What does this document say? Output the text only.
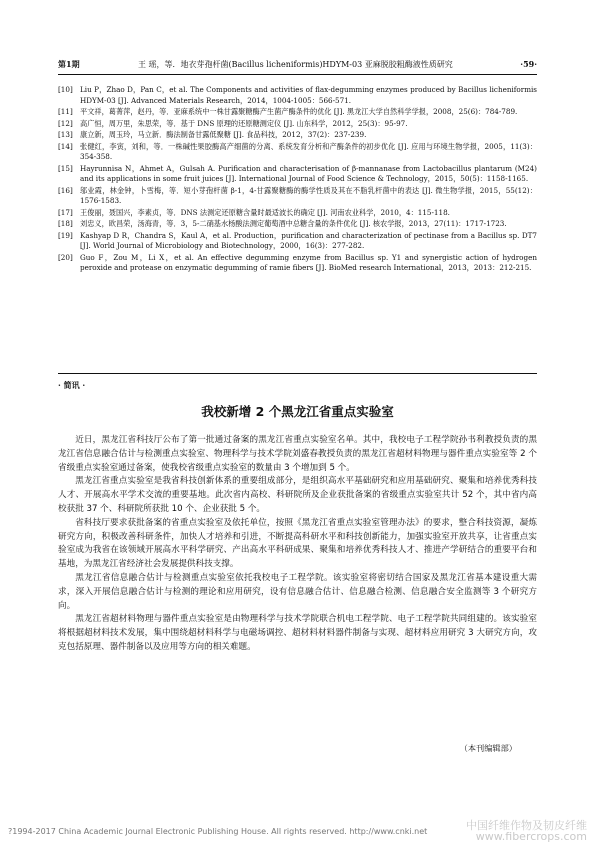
第1期	王 瑶，等．地衣芽孢杆菌(Bacillus licheniformis)HDYM-03 亚麻脱胶粗酶液性质研究	·59·
[10]	Liu P，Zhao D，Pan C，et al. The Components and activities of flax-degumming enzymes produced by Bacillus licheniformis HDYM-03 [J]. Advanced Materials Research，2014，1004-1005：566-571.
[11]	平文祥，葛菁萍，赵丹，等．亚麻系统中一株甘露聚糖酶产生菌产酶条件的优化 [J]. 黑龙江大学自然科学学报，2008，25(6)：784-789.
[12]	高广恒，周万里，朱思荣，等．基于 DNS 原理的还原糖测定仪 [J]. 山东科学，2012，25(3)：95-97.
[13]	康立新，周玉玲，马立新．酶法制备甘露低聚糖 [J]. 食品科技，2012，37(2)：237-239.
[14]	张健红，李寅，刘和，等．一株碱性果胶酶高产细菌的分离、系统发育分析和产酶条件的初步优化 [J]. 应用与环境生物学报，2005，11(3)：354-358.
[15]	Hayrunnisa N，Ahmet A，Gulsah A. Purification and characterisation of β-mannanase from Lactobacillus plantarum (M24) and its applications in some fruit juices [J]. International Journal of Food Science & Technology，2015，50(5)：1158-1165.
[16]	邬业霞，林金钟，卜雪梅，等．短小芽孢杆菌 β-1，4-甘露聚糖酶的酶学性质及其在不脂乳杆菌中的表达 [J]. 微生物学报，2015，55(12)：1576-1583.
[17]	王俊丽，聂国兴，李素贞，等．DNS 法测定还原糖含量时最适波长的确定 [J]. 河南农业科学，2010，4：115-118.
[18]	刘忠义，欧昌荣，汤海青，等．3，5-二硝基水杨酸法测定葡萄酒中总糖含量的条件优化 [J]. 核农学报，2013，27(11)：1717-1723.
[19]	Kashyap D R，Chandra S，Kaul A，et al. Production，purification and characterization of pectinase from a Bacillus sp. DT7 [J]. World Journal of Microbiology and Biotechnology，2000，16(3)：277-282.
[20]	Guo F，Zou M，Li X，et al. An effective degumming enzyme from Bacillus sp. Y1 and synergistic action of hydrogen peroxide and protease on enzymatic degumming of ramie fibers [J]. BioMed research International，2013，2013：212-215.
· 简讯 ·
我校新增 2 个黑龙江省重点实验室

近日，黑龙江省科技厅公布了第一批通过备案的黑龙江省重点实验室名单。其中，我校电子工程学院孙书利教授负责的黑龙江省信息融合估计与检测重点实验室、物理科学与技术学院刘盛春教授负责的黑龙江省超材料物理与器件重点实验室等 2 个省级重点实验室通过备案，使我校省级重点实验室的数量由 3 个增加到 5 个。

黑龙江省重点实验室是我省科技创新体系的重要组成部分，是组织高水平基础研究和应用基础研究、聚集和培养优秀科技人才、开展高水平学术交流的重要基地。此次省内高校、科研院所及企业获批备案的省级重点实验室共计 52 个，其中省内高校获批 37 个、科研院所获批 10 个、企业获批 5 个。

省科技厅要求获批备案的省重点实验室及依托单位，按照《黑龙江省重点实验室管理办法》的要求，整合科技资源，凝炼研究方向，积极改善科研条件，加快人才培养和引进，不断提高科研水平和科技创新能力，加强实验室开放共享，让省重点实验室成为我省在该领域开展高水平科学研究、产出高水平科研成果、聚集和培养优秀科技人才、推进产学研结合的重要平台和基地，为黑龙江省经济社会发展提供科技支撑。

黑龙江省信息融合估计与检测重点实验室依托我校电子工程学院。该实验室将密切结合国家及黑龙江省基本建设重大需求，深入开展信息融合估计与检测的理论和应用研究，设有信息融合估计、信息融合检测、信息融合安全监测等 3 个研究方向。

黑龙江省超材料物理与器件重点实验室是由物理科学与技术学院联合机电工程学院、电子工程学院共同组建的。该实验室将根据超材料技术发展，集中围绕超材料科学与电磁场调控、超材料材料器件制备与实现、超材料应用研究 3 大研究方向，攻克包括原理、器件制备以及应用等方向的相关难题。

（本刊编辑部）
?1994-2017 China Academic Journal Electronic Publishing House. All rights reserved. http://www.cnki.net	中国纤维作物及韧皮纤维
www.fibercrops.com
